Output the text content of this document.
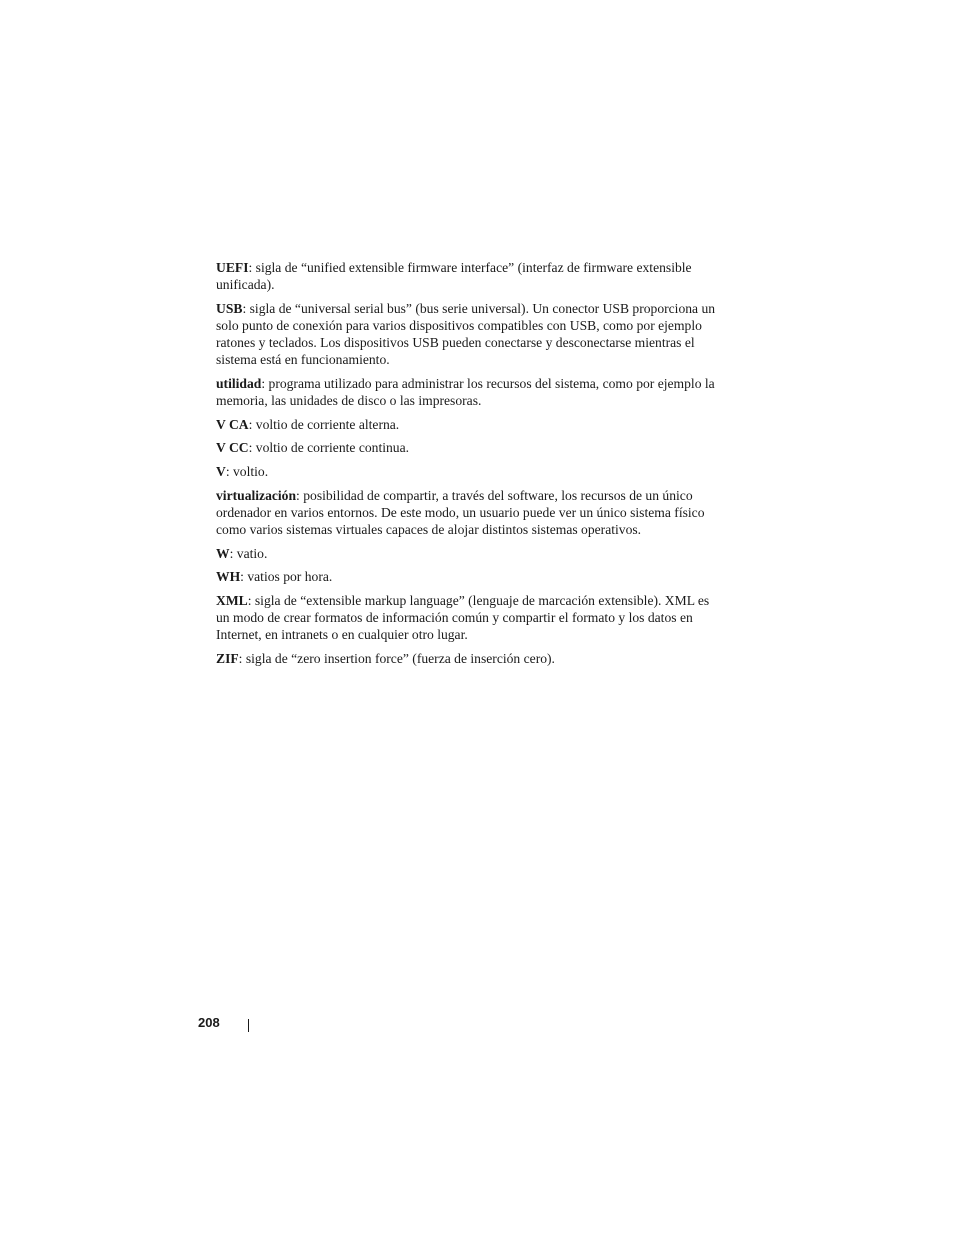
UEFI: sigla de “unified extensible firmware interface” (interfaz de firmware extensible unificada).

USB: sigla de “universal serial bus” (bus serie universal). Un conector USB proporciona un solo punto de conexión para varios dispositivos compatibles con USB, como por ejemplo ratones y teclados. Los dispositivos USB pueden conectarse y desconectarse mientras el sistema está en funcionamiento.

utilidad: programa utilizado para administrar los recursos del sistema, como por ejemplo la memoria, las unidades de disco o las impresoras.

V CA: voltio de corriente alterna.

V CC: voltio de corriente continua.

V: voltio.

virtualización: posibilidad de compartir, a través del software, los recursos de un único ordenador en varios entornos. De este modo, un usuario puede ver un único sistema físico como varios sistemas virtuales capaces de alojar distintos sistemas operativos.

W: vatio.

WH: vatios por hora.

XML: sigla de “extensible markup language” (lenguaje de marcación extensible). XML es un modo de crear formatos de información común y compartir el formato y los datos en Internet, en intranets o en cualquier otro lugar.

ZIF: sigla de “zero insertion force” (fuerza de inserción cero).

208
